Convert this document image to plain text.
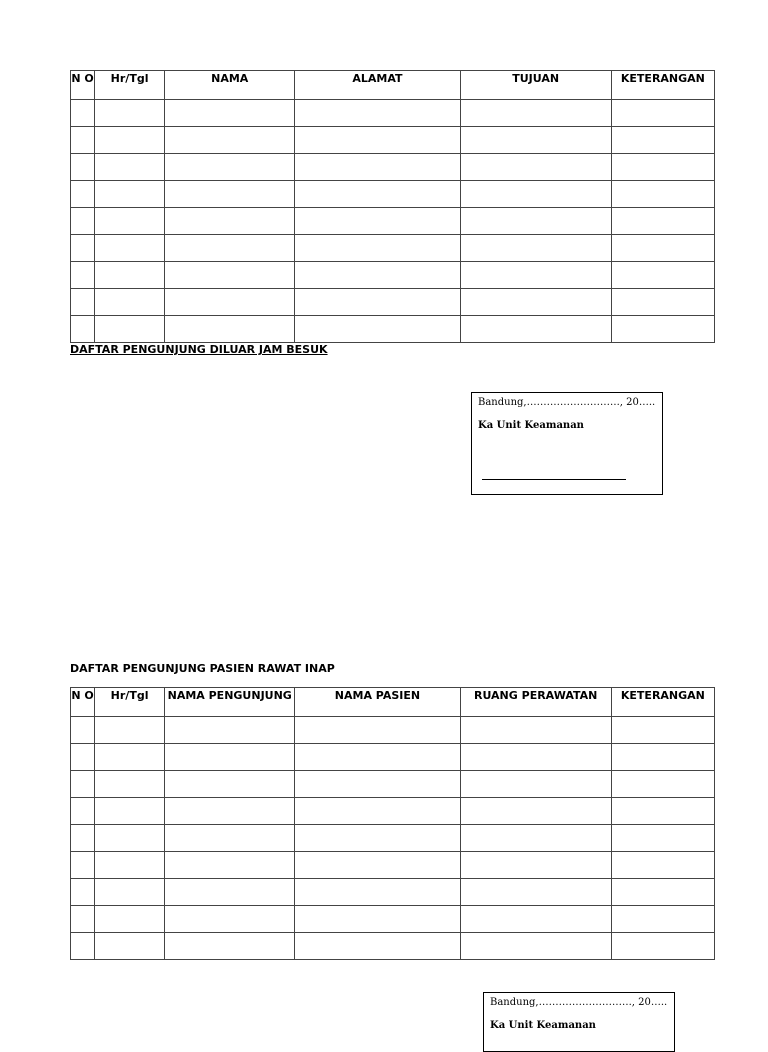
N O	Hr/Tgl	NAMA	ALAMAT	TUJUAN	KETERANGAN

DAFTAR PENGUNJUNG DILUAR JAM BESUK
Bandung,………………………., 20…..
Ka Unit Keamanan
DAFTAR PENGUNJUNG PASIEN RAWAT INAP
N O	Hr/Tgl	NAMA PENGUNJUNG	NAMA PASIEN	RUANG PERAWATAN	KETERANGAN

Bandung,………………………., 20…..
Ka Unit Keamanan
